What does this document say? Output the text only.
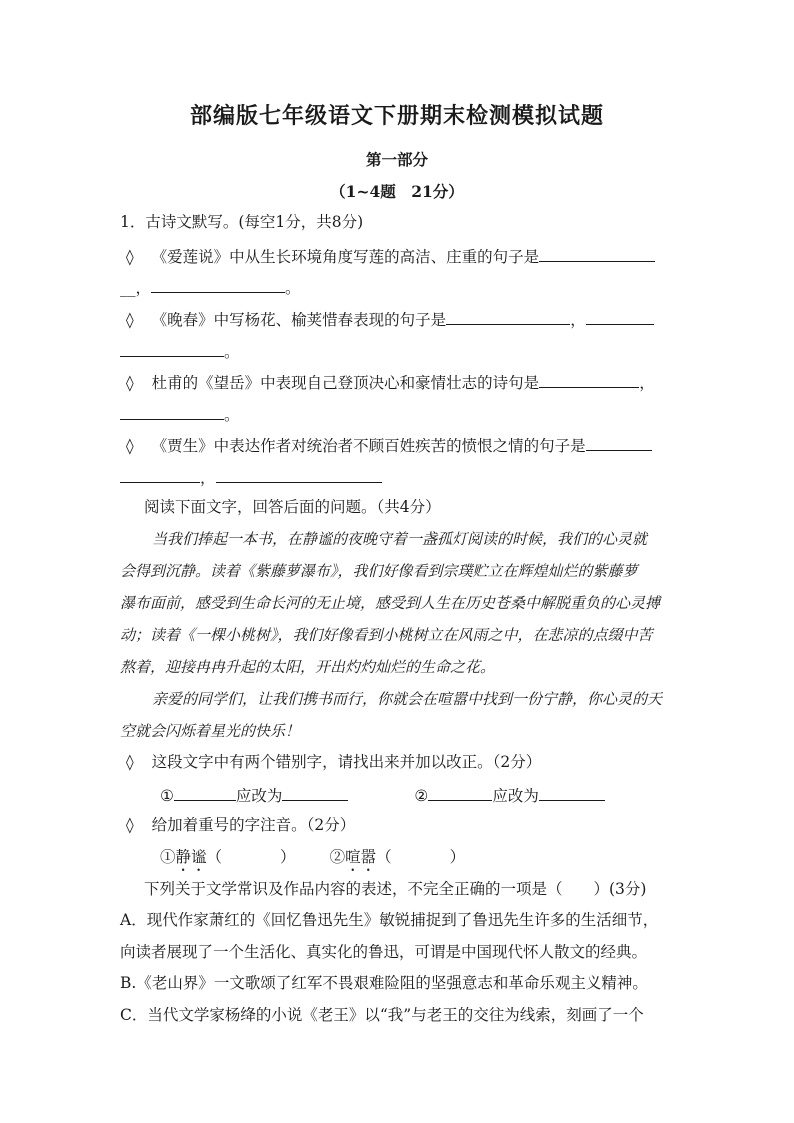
部编版七年级语文下册期末检测模拟试题
第一部分
（1~4题　21分）
1．古诗文默写。(每空1分，共8分)
◊ 《爱莲说》中从生长环境角度写莲的高洁、庄重的句子是
__，	。
◊ 《晚春》中写杨花、榆荚惜春表现的句子是	，
。
◊ 杜甫的《望岳》中表现自己登顶决心和豪情壮志的诗句是	，
。
◊ 《贾生》中表达作者对统治者不顾百姓疾苦的愤恨之情的句子是
，
阅读下面文字，回答后面的问题。（共4分）
当我们捧起一本书，在静谧的夜晚守着一盏孤灯阅读的时候，我们的心灵就
会得到沉静。读着《紫藤萝瀑布》，我们好像看到宗璞贮立在辉煌灿烂的紫藤萝
瀑布面前，感受到生命长河的无止境，感受到人生在历史苍桑中解脱重负的心灵搏
动；读着《一棵小桃树》，我们好像看到小桃树立在风雨之中，在悲凉的点缀中苦
熬着，迎接冉冉升起的太阳，开出灼灼灿烂的生命之花。
亲爱的同学们，让我们携书而行，你就会在喧嚣中找到一份宁静，你心灵的天
空就会闪烁着星光的快乐！
◊ 这段文字中有两个错别字，请找出来并加以改正。（2分）
①	应改为	②	应改为
◊ 给加着重号的字注音。（2分）
①静谧（	） ②喧嚣（	）
下列关于文学常识及作品内容的表述，不完全正确的一项是（　　）(3分)
A．现代作家萧红的《回忆鲁迅先生》敏锐捕捉到了鲁迅先生许多的生活细节，
向读者展现了一个生活化、真实化的鲁迅，可谓是中国现代怀人散文的经典。
B.《老山界》一文歌颂了红军不畏艰难险阻的坚强意志和革命乐观主义精神。
C．当代文学家杨绛的小说《老王》以“我”与老王的交往为线索，刻画了一个
